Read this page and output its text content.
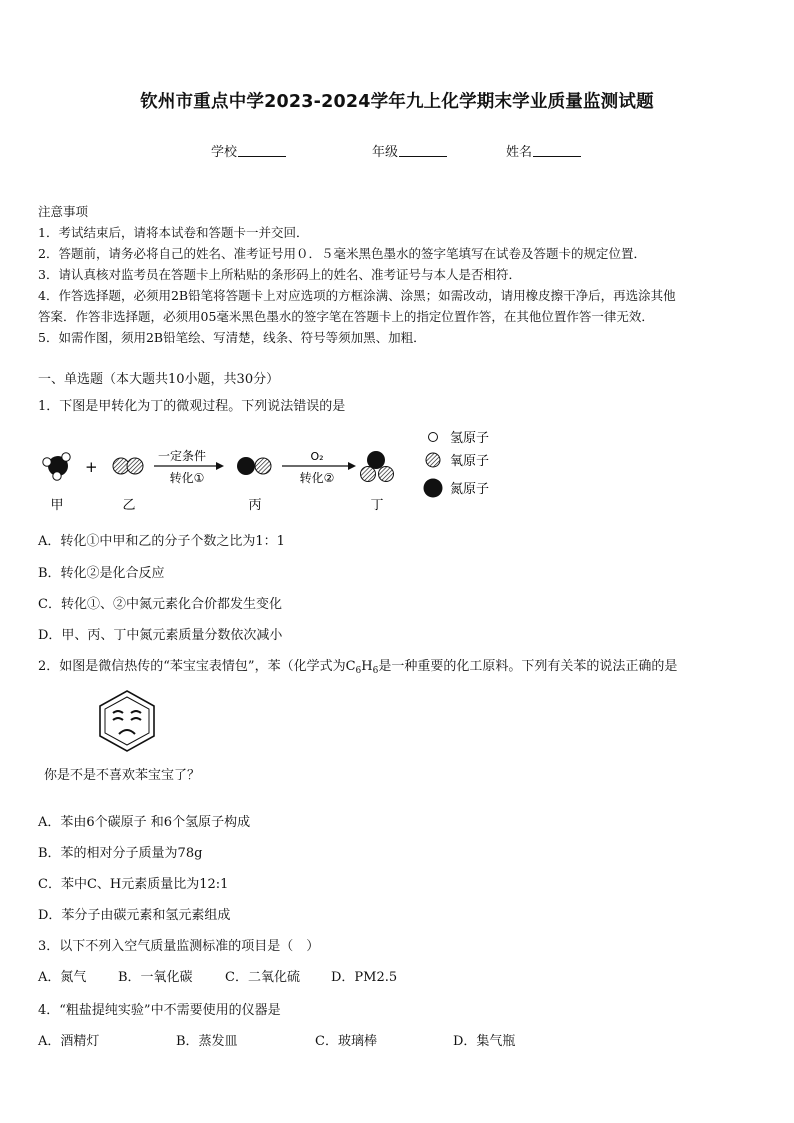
钦州市重点中学2023-2024学年九上化学期末学业质量监测试题
学校	年级	姓名
注意事项
1．考试结束后，请将本试卷和答题卡一并交回．
2．答题前，请务必将自己的姓名、准考证号用０．５毫米黑色墨水的签字笔填写在试卷及答题卡的规定位置．
3．请认真核对监考员在答题卡上所粘贴的条形码上的姓名、准考证号与本人是否相符．
4．作答选择题，必须用2B铅笔将答题卡上对应选项的方框涂满、涂黑；如需改动，请用橡皮擦干净后，再选涂其他
答案．作答非选择题，必须用05毫米黑色墨水的签字笔在答题卡上的指定位置作答，在其他位置作答一律无效．
5．如需作图，须用2B铅笔绘、写清楚，线条、符号等须加黑、加粗．
一、单选题（本大题共10小题，共30分）
1．下图是甲转化为丁的微观过程。下列说法错误的是
+
一定条件
转化①
O₂
转化②
甲	乙	丙	丁
氢原子
氧原子
氮原子
A．转化①中甲和乙的分子个数之比为1：1
B．转化②是化合反应
C．转化①、②中氮元素化合价都发生变化
D．甲、丙、丁中氮元素质量分数依次减小
2．如图是微信热传的“苯宝宝表情包”，苯（化学式为$C_6H_6$是一种重要的化工原料。下列有关苯的说法正确的是
你是不是不喜欢苯宝宝了？
A．苯由6个碳原子 和6个氢原子构成
B．苯的相对分子质量为78g
C．苯中C、H元素质量比为12:1
D．苯分子由碳元素和氢元素组成
3．以下不列入空气质量监测标准的项目是（　）
A．氮气 B．一氧化碳 C．二氧化硫 D．PM2.5
4．“粗盐提纯实验”中不需要使用的仪器是
A．酒精灯	B．蒸发皿	C．玻璃棒	D．集气瓶
